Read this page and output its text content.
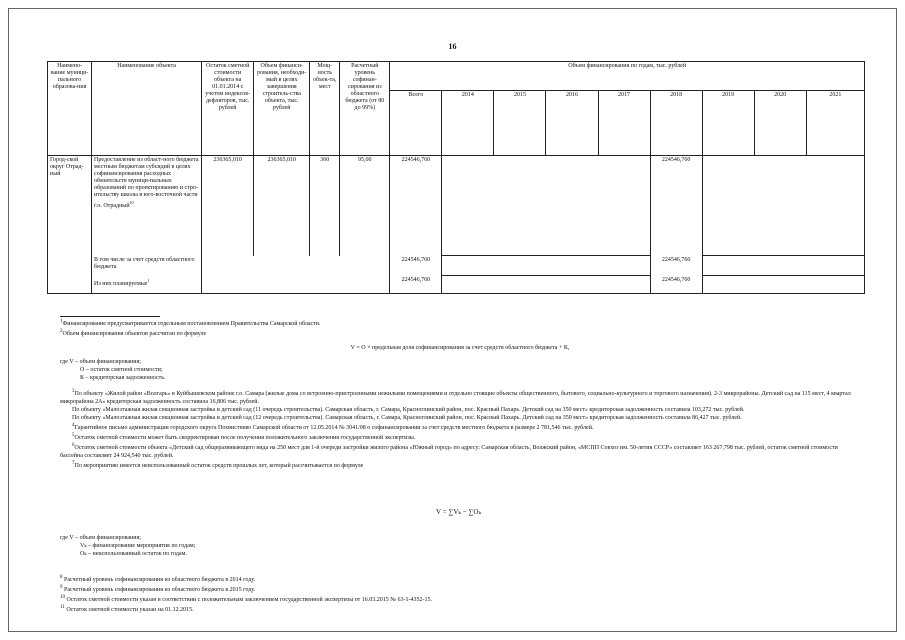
16
Наимено-вание муници-пального образова-ния	Наименование объекта	Остаток сметной стоимости объекта на 01.01.2014 с учетом индексов-дефляторов, тыс. рублей	Объем финанси-рования, необходи-мый в целях завершения строитель-ства объекта, тыс. рублей	Мощ-ность объек-та, мест	Расчетный уровень софинан-сирования из областного бюджета (от 80 до 99%)	Объем финансирования по годам, тыс. рублей								
						Всего	2014	2015	2016	2017	2018	2019	2020	2021
Город-ской округ Отрад-ный	Предоставление из област-ного бюджета местным бюджетам субсидий в целях софинансирования расходных обязательств муници-пальных образований по проектированию и стро-ительству школы в юго-восточной части г.о. Отрадный$^{10}$	236365,010	236365,010	360	95,00	224546,760					224546,760			
	В том числе за счет средств областного бюджета					224546,760					224546,760			
	Из них планируемые$^1$					224546,760					224546,760			

$^1$Финансирование предусматривается отдельным постановлением Правительства Самарской области.

$^2$Объем финансирования объектов рассчитан по формуле

V = О × предельная доля софинансирования за счет средств областного бюджета + К,

где V – объем финансирования;

О – остаток сметной стоимости;

К – кредиторская задолженность.

$^3$По объекту «Жилой район «Волгарь» в Куйбышевском районе г.о. Самара (жилые дома со встроенно-пристроенными нежилыми помещениями и отдельно стоящие объекты общественного, бытового, социально-культурного и торгового назначения). 2-3 микрорайоны. Детский сад на 115 мест, 4 квартал микрорайона 2А» кредиторская задолженность составила 16,806 тыс. рублей.

По объекту «Малоэтажная жилая секционная застройка и детский сад (11 очередь строительства). Самарская область, г. Самара, Красноглинский район, пос. Красный Пахарь. Детский сад на 350 мест» кредиторская задолженность составила 103,272 тыс. рублей.

По объекту «Малоэтажная жилая секционная застройка и детский сад (12 очередь строительства). Самарская область, г. Самара, Красноглинский район, пос. Красный Пахарь. Детский сад на 350 мест» кредиторская задолженность составила 86,427 тыс. рублей.

$^4$Гарантийное письмо администрации городского округа Похвистнево Самарской области от 12.05.2014 № 3041/08 о софинансировании за счет средств местного бюджета в размере 2 781,546 тыс. рублей.

$^5$Остаток сметной стоимости может быть скорректирован после получения положительного заключения государственной экспертизы.

$^6$Остаток сметной стоимости объекта «Детский сад общеразвивающего вида на 250 мест для 1-й очереди застройки жилого района «Южный город» по адресу: Самарская область, Волжский район, «МСПП Совхоз им. 50-летия СССР» составляет 163 267,798 тыс. рублей, остаток сметной стоимости бассейна составляет 24 924,540 тыс. рублей.

$^7$По мероприятию имеется неиспользованный остаток средств прошлых лет, который рассчитывается по формуле

V = ∑Vₖ − ∑Oₖ

где V – объем финансирования;

Vₖ – финансирование мероприятия по годам;

Oₖ – неиспользованный остаток по годам.

$^8$ Расчетный уровень софинансирования из областного бюджета в 2014 году.

$^9$ Расчетный уровень софинансирования из областного бюджета в 2015 году.

$^{10}$ Остаток сметной стоимости указан в соответствии с положительным заключением государственной экспертизы от 16.03.2015 № 63-1-4352-15.

$^{11}$ Остаток сметной стоимости указан на 01.12.2015.
